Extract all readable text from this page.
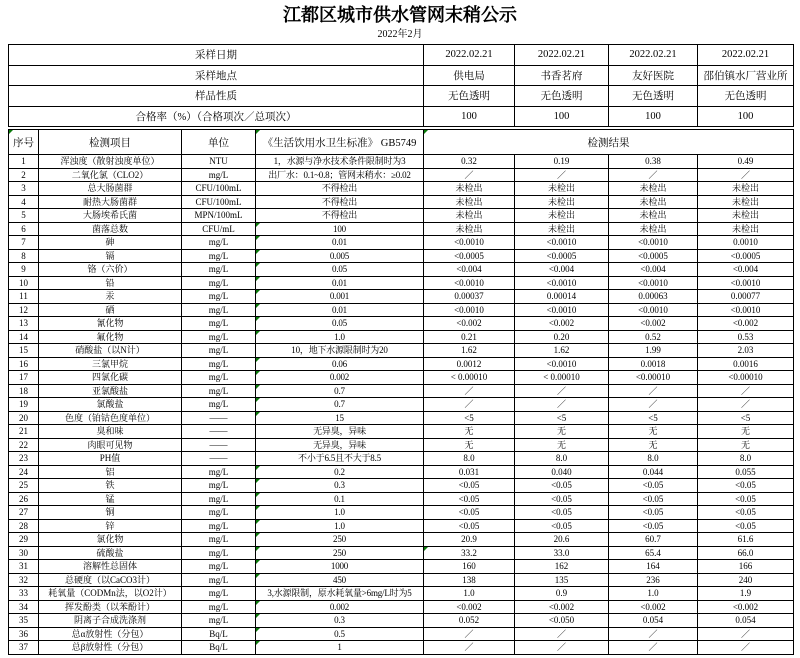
江都区城市供水管网末稍公示
2022年2月
采样日期	2022.02.21	2022.02.21	2022.02.21	2022.02.21
采样地点	供电局	书香茗府	友好医院	邵伯镇水厂营业所
样品性质	无色透明	无色透明	无色透明	无色透明
合格率（%）（合格项次／总项次）	100	100	100	100
序号	检测项目	单位	《生活饮用水卫生标准》 GB5749	检测结果			
1	浑浊度（散射浊度单位）	NTU	1，水源与净水技术条件限制时为3	0.32	0.19	0.38	0.49
2	二氧化氯（CLO2）	mg/L	出厂水：0.1~0.8；管网末稍水：≥0.02	／	／	／	／
3	总大肠菌群	CFU/100mL	不得检出	未检出	未检出	未检出	未检出
4	耐热大肠菌群	CFU/100mL	不得检出	未检出	未检出	未检出	未检出
5	大肠埃希氏菌	MPN/100mL	不得检出	未检出	未检出	未检出	未检出
6	菌落总数	CFU/mL	100	未检出	未检出	未检出	未检出
7	砷	mg/L	0.01	<0.0010	<0.0010	<0.0010	0.0010
8	镉	mg/L	0.005	<0.0005	<0.0005	<0.0005	<0.0005
9	铬（六价）	mg/L	0.05	<0.004	<0.004	<0.004	<0.004
10	铅	mg/L	0.01	<0.0010	<0.0010	<0.0010	<0.0010
11	汞	mg/L	0.001	0.00037	0.00014	0.00063	0.00077
12	硒	mg/L	0.01	<0.0010	<0.0010	<0.0010	<0.0010
13	氰化物	mg/L	0.05	<0.002	<0.002	<0.002	<0.002
14	氟化物	mg/L	1.0	0.21	0.20	0.52	0.53
15	硝酸盐（以N计）	mg/L	10，地下水源限制时为20	1.62	1.62	1.99	2.03
16	三氯甲烷	mg/L	0.06	0.0012	<0.0010	0.0018	0.0016
17	四氯化碳	mg/L	0.002	< 0.00010	< 0.00010	<0.00010	<0.00010
18	亚氯酸盐	mg/L	0.7	／	／	／	／
19	氯酸盐	mg/L	0.7	／	／	／	／
20	色度（铂钴色度单位）	——	15	<5	<5	<5	<5
21	臭和味	——	无异臭，异味	无	无	无	无
22	肉眼可见物	——	无异臭，异味	无	无	无	无
23	PH值	——	不小于6.5且不大于8.5	8.0	8.0	8.0	8.0
24	铝	mg/L	0.2	0.031	0.040	0.044	0.055
25	铁	mg/L	0.3	<0.05	<0.05	<0.05	<0.05
26	锰	mg/L	0.1	<0.05	<0.05	<0.05	<0.05
27	铜	mg/L	1.0	<0.05	<0.05	<0.05	<0.05
28	锌	mg/L	1.0	<0.05	<0.05	<0.05	<0.05
29	氯化物	mg/L	250	20.9	20.6	60.7	61.6
30	硫酸盐	mg/L	250	33.2	33.0	65.4	66.0
31	溶解性总固体	mg/L	1000	160	162	164	166
32	总硬度（以CaCO3计）	mg/L	450	138	135	236	240
33	耗氧量（CODMn法，以O2计）	mg/L	3,水源限制，原水耗氧量>6mg/L时为5	1.0	0.9	1.0	1.9
34	挥发酚类（以苯酚计）	mg/L	0.002	<0.002	<0.002	<0.002	<0.002
35	阴离子合成洗涤剂	mg/L	0.3	0.052	<0.050	0.054	0.054
36	总α放射性（分包）	Bq/L	0.5	／	／	／	／
37	总β放射性（分包）	Bq/L	1	／	／	／	／
